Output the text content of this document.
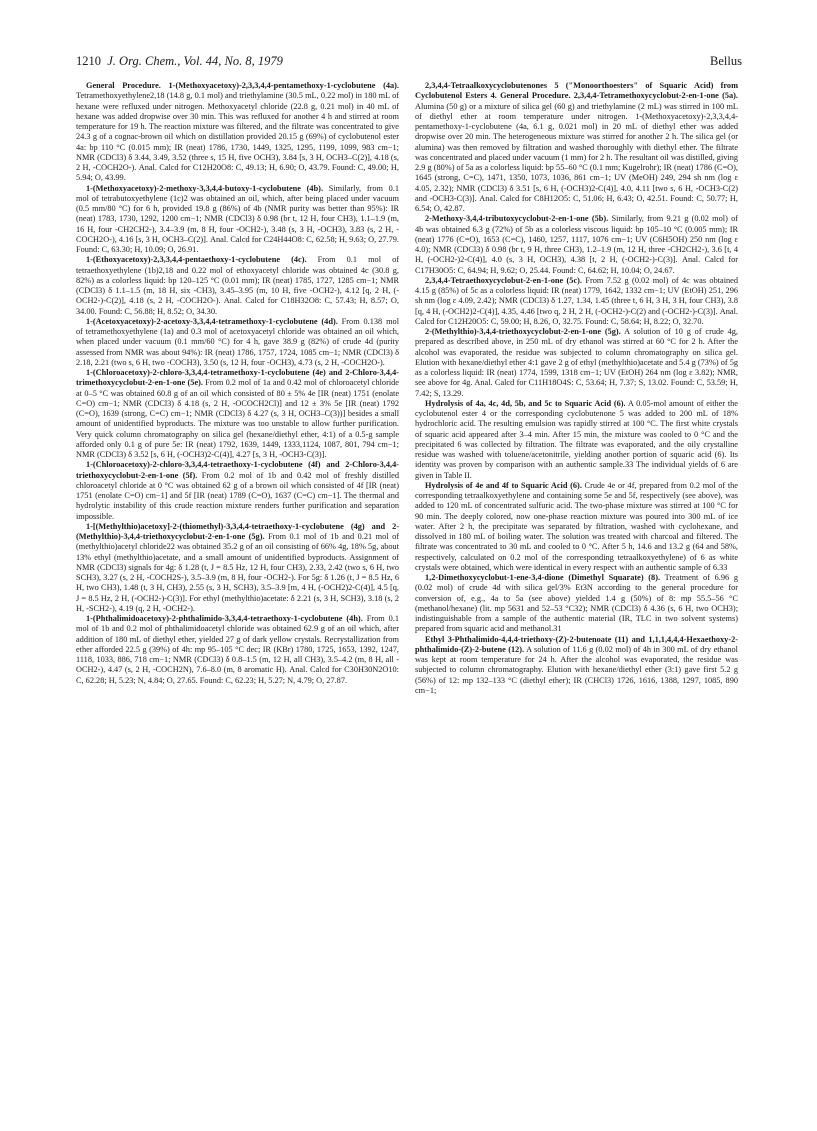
1210 J. Org. Chem., Vol. 44, No. 8, 1979	Bellus

General Procedure. 1-(Methoxyacetoxy)-2,3,3,4,4-pentamethoxy-1-cyclobutene (4a). Tetramethoxyethylene2,18 (14.8 g, 0.1 mol) and triethylamine (30.5 mL, 0.22 mol) in 180 mL of hexane were refluxed under nitrogen. Methoxyacetyl chloride (22.8 g, 0.21 mol) in 40 mL of hexane was added dropwise over 30 min. This was refluxed for another 4 h and stirred at room temperature for 19 h. The reaction mixture was filtered, and the filtrate was concentrated to give 24.3 g of a cognac-brown oil which on distillation provided 20.15 g (69%) of cyclobutenol ester 4a: bp 110 °C (0.015 mm); IR (neat) 1786, 1730, 1449, 1325, 1295, 1199, 1099, 983 cm−1; NMR (CDCl3) δ 3.44, 3.49, 3.52 (three s, 15 H, five OCH3), 3.84 [s, 3 H, OCH3–C(2)], 4.18 (s, 2 H, -COCH2O-). Anal. Calcd for C12H20O8: C, 49.13; H, 6.90; O, 43.79. Found: C, 49.00; H, 5.94; O, 43.99.

1-(Methoxyacetoxy)-2-methoxy-3,3,4,4-butoxy-1-cyclobutene (4b). Similarly, from 0.1 mol of tetrabutoxyethylene (1c)2 was obtained an oil, which, after being placed under vacuum (0.5 mm/80 °C) for 6 h, provided 19.8 g (86%) of 4b (NMR purity was better than 95%): IR (neat) 1783, 1730, 1292, 1200 cm−1; NMR (CDCl3) δ 0.98 (br t, 12 H, four CH3), 1.1–1.9 (m, 16 H, four -CH2CH2-), 3.4–3.9 (m, 8 H, four -OCH2-), 3.48 (s, 3 H, -OCH3), 3.83 (s, 2 H, -COCH2O-), 4.16 [s, 3 H, OCH3–C(2)]. Anal. Calcd for C24H44O8: C, 62.58; H, 9.63; O, 27.79. Found: C, 63.30; H, 10.09; O, 26.91.

1-(Ethoxyacetoxy)-2,3,3,4,4-pentaethoxy-1-cyclobutene (4c). From 0.1 mol of tetraethoxyethylene (1b)2,18 and 0.22 mol of ethoxyacetyl chloride was obtained 4c (30.8 g, 82%) as a colorless liquid: bp 120–125 °C (0.01 mm); IR (neat) 1785, 1727, 1285 cm−1; NMR (CDCl3) δ 1.1–1.5 (m, 18 H, six -CH3), 3.45–3.95 (m, 10 H, five -OCH2-), 4.12 [q, 2 H, (-OCH2-)-C(2)], 4.18 (s, 2 H, -COCH2O-). Anal. Calcd for C18H32O8: C, 57.43; H, 8.57; O, 34.00. Found: C, 56.88; H, 8.52; O, 34.30.

1-(Acetoxyacetoxy)-2-acetoxy-3,3,4,4-tetramethoxy-1-cyclobutene (4d). From 0.138 mol of tetramethoxyethylene (1a) and 0.3 mol of acetoxyacetyl chloride was obtained an oil which, when placed under vacuum (0.1 mm/60 °C) for 4 h, gave 38.9 g (82%) of crude 4d (purity assessed from NMR was about 94%): IR (neat) 1786, 1757, 1724, 1085 cm−1; NMR (CDCl3) δ 2.18, 2.21 (two s, 6 H, two -COCH3), 3.50 (s, 12 H, four -OCH3), 4.73 (s, 2 H, -COCH2O-).

1-(Chloroacetoxy)-2-chloro-3,3,4,4-tetramethoxy-1-cyclobutene (4e) and 2-Chloro-3,4,4-trimethoxycyclobut-2-en-1-one (5e). From 0.2 mol of 1a and 0.42 mol of chloroacetyl chloride at 0–5 °C was obtained 60.8 g of an oil which consisted of 80 ± 5% 4e [IR (neat) 1751 (enolate C=O) cm−1; NMR (CDCl3) δ 4.18 (s, 2 H, -OCOCH2Cl)] and 12 ± 3% 5e [IR (neat) 1792 (C=O), 1639 (strong, C=C) cm−1; NMR (CDCl3) δ 4.27 (s, 3 H, OCH3–C(3))] besides a small amount of unidentified byproducts. The mixture was too unstable to allow further purification. Very quick column chromatography on silica gel (hexane/diethyl ether, 4:1) of a 0.5-g sample afforded only 0.1 g of pure 5e: IR (neat) 1792, 1639, 1449, 1333,1124, 1087, 801, 794 cm−1; NMR (CDCl3) δ 3.52 [s, 6 H, (-OCH3)2-C(4)], 4.27 [s, 3 H, -OCH3-C(3)].

1-(Chloroacetoxy)-2-chloro-3,3,4,4-tetraethoxy-1-cyclobutene (4f) and 2-Chloro-3,4,4-triethoxycyclobut-2-en-1-one (5f). From 0.2 mol of 1b and 0.42 mol of freshly distilled chloroacetyl chloride at 0 °C was obtained 62 g of a brown oil which consisted of 4f [IR (neat) 1751 (enolate C=O) cm−1] and 5f [IR (neat) 1789 (C=O), 1637 (C=C) cm−1]. The thermal and hydrolytic instability of this crude reaction mixture renders further purification and separation impossible.

1-[(Methylthio)acetoxy]-2-(thiomethyl)-3,3,4,4-tetraethoxy-1-cyclobutene (4g) and 2-(Methylthio)-3,4,4-triethoxycyclobut-2-en-1-one (5g). From 0.1 mol of 1b and 0.21 mol of (methylthio)acetyl chloride22 was obtained 35.2 g of an oil consisting of 66% 4g, 18% 5g, about 13% ethyl (methylthio)acetate, and a small amount of unidentified byproducts. Assignment of NMR (CDCl3) signals for 4g: δ 1.28 (t, J = 8.5 Hz, 12 H, four CH3), 2.33, 2.42 (two s, 6 H, two SCH3), 3.27 (s, 2 H, -COCH2S-), 3.5–3.9 (m, 8 H, four -OCH2-). For 5g: δ 1.26 (t, J = 8.5 Hz, 6 H, two CH3), 1.48 (t, 3 H, CH3), 2.55 (s, 3 H, SCH3), 3.5–3.9 [m, 4 H, (-OCH2)2-C(4)], 4.5 [q, J = 8.5 Hz, 2 H, (-OCH2-)-C(3)]. For ethyl (methylthio)acetate: δ 2.21 (s, 3 H, SCH3), 3.18 (s, 2 H, -SCH2-), 4.19 (q, 2 H, -OCH2-).

1-(Phthalimidoacetoxy)-2-phthalimido-3,3,4,4-tetraethoxy-1-cyclobutene (4h). From 0.1 mol of 1b and 0.2 mol of phthalimidoacetyl chloride was obtained 62.9 g of an oil which, after addition of 180 mL of diethyl ether, yielded 27 g of dark yellow crystals. Recrystallization from ether afforded 22.5 g (39%) of 4h: mp 95–105 °C dec; IR (KBr) 1780, 1725, 1653, 1392, 1247, 1118, 1033, 886, 718 cm−1; NMR (CDCl3) δ 0.8–1.5 (m, 12 H, all CH3), 3.5–4.2 (m, 8 H, all -OCH2-), 4.47 (s, 2 H, -COCH2N), 7.6–8.0 (m, 8 aromatic H). Anal. Calcd for C30H30N2O10: C, 62.28; H, 5.23; N, 4.84; O, 27.65. Found: C, 62.23; H, 5.27; N, 4.79; O, 27.87.

2,3,4,4-Tetraalkoxycyclobutenones 5 ("Monoorthoesters" of Squaric Acid) from Cyclobutenol Esters 4. General Procedure. 2,3,4,4-Tetramethoxycyclobut-2-en-1-one (5a). Alumina (50 g) or a mixture of silica gel (60 g) and triethylamine (2 mL) was stirred in 100 mL of diethyl ether at room temperature under nitrogen. 1-(Methoxyacetoxy)-2,3,3,4,4-pentamethoxy-1-cyclobutene (4a, 6.1 g, 0.021 mol) in 20 mL of diethyl ether was added dropwise over 20 min. The heterogeneous mixture was stirred for another 2 h. The silica gel (or alumina) was then removed by filtration and washed thoroughly with diethyl ether. The filtrate was concentrated and placed under vacuum (1 mm) for 2 h. The resultant oil was distilled, giving 2.9 g (80%) of 5a as a colorless liquid: bp 55–60 °C (0.1 mm; Kugelrohr); IR (neat) 1786 (C=O), 1645 (strong, C=C), 1471, 1350, 1073, 1036, 861 cm−1; UV (MeOH) 249, 294 sh nm (log ε 4.05, 2.32); NMR (CDCl3) δ 3.51 [s, 6 H, (-OCH3)2-C(4)], 4.0, 4.11 [two s, 6 H, -OCH3-C(2) and -OCH3-C(3)]. Anal. Calcd for C8H12O5: C, 51.06; H, 6.43; O, 42.51. Found: C, 50.77; H, 6.54; O, 42.87.

2-Methoxy-3,4,4-tributoxycyclobut-2-en-1-one (5b). Similarly, from 9.21 g (0.02 mol) of 4b was obtained 6.3 g (72%) of 5b as a colorless viscous liquid: bp 105–10 °C (0.005 mm); IR (neat) 1776 (C=O), 1653 (C=C), 1460, 1257, 1117, 1076 cm−1; UV (C6H5OH) 250 nm (log ε 4.0); NMR (CDCl3) δ 0.98 (br t, 9 H, three CH3), 1.2–1.9 (m, 12 H, three -CH2CH2-), 3.6 [t, 4 H, (-OCH2-)2-C(4)], 4.0 (s, 3 H, OCH3), 4.38 [t, 2 H, (-OCH2-)-C(3)]. Anal. Calcd for C17H30O5: C, 64.94; H, 9.62; O, 25.44. Found: C, 64.62; H, 10.04; O, 24.67.

2,3,4,4-Tetraethoxycyclobut-2-en-1-one (5c). From 7.52 g (0.02 mol) of 4c was obtained 4.15 g (85%) of 5c as a colorless liquid: IR (neat) 1779, 1642, 1332 cm−1; UV (EtOH) 251, 296 sh nm (log ε 4.09, 2.42); NMR (CDCl3) δ 1.27, 1.34, 1.45 (three t, 6 H, 3 H, 3 H, four CH3), 3.8 [q, 4 H, (-OCH2)2-C(4)], 4.35, 4.46 [two q, 2 H, 2 H, (-OCH2-)-C(2) and (-OCH2-)-C(3)]. Anal. Calcd for C12H20O5: C, 59.00; H, 8.26, O, 32.75. Found: C, 58.64; H, 8.22; O, 32.70.

2-(Methylthio)-3,4,4-triethoxycyclobut-2-en-1-one (5g). A solution of 10 g of crude 4g, prepared as described above, in 250 mL of dry ethanol was stirred at 60 °C for 2 h. After the alcohol was evaporated, the residue was subjected to column chromatography on silica gel. Elution with hexane/diethyl ether 4:1 gave 2 g of ethyl (methylthio)acetate and 5.4 g (73%) of 5g as a colorless liquid: IR (neat) 1774, 1599, 1318 cm−1; UV (EtOH) 264 nm (log ε 3.82); NMR, see above for 4g. Anal. Calcd for C11H18O4S: C, 53.64; H, 7.37; S, 13.02. Found: C, 53.59; H, 7.42; S, 13.29.

Hydrolysis of 4a, 4c, 4d, 5b, and 5c to Squaric Acid (6). A 0.05-mol amount of either the cyclobutenol ester 4 or the corresponding cyclobutenone 5 was added to 200 mL of 18% hydrochloric acid. The resulting emulsion was rapidly stirred at 100 °C. The first white crystals of squaric acid appeared after 3–4 min. After 15 min, the mixture was cooled to 0 °C and the precipitated 6 was collected by filtration. The filtrate was evaporated, and the oily crystalline residue was washed with toluene/acetonitrile, yielding another portion of squaric acid (6). Its identity was proven by comparison with an authentic sample.33 The individual yields of 6 are given in Table II.

Hydrolysis of 4e and 4f to Squaric Acid (6). Crude 4e or 4f, prepared from 0.2 mol of the corresponding tetraalkoxyethylene and containing some 5e and 5f, respectively (see above), was added to 120 mL of concentrated sulfuric acid. The two-phase mixture was stirred at 100 °C for 90 min. The deeply colored, now one-phase reaction mixture was poured into 300 mL of ice water. After 2 h, the precipitate was separated by filtration, washed with cyclohexane, and dissolved in 180 mL of boiling water. The solution was treated with charcoal and filtered. The filtrate was concentrated to 30 mL and cooled to 0 °C. After 5 h, 14.6 and 13.2 g (64 and 58%, respectively, calculated on 0.2 mol of the corresponding tetraalkoxyethylene) of 6 as white crystals were obtained, which were identical in every respect with an authentic sample of 6.33

1,2-Dimethoxycyclobut-1-ene-3,4-dione (Dimethyl Squarate) (8). Treatment of 6.96 g (0.02 mol) of crude 4d with silica gel/3% Et3N according to the general procedure for conversion of, e.g., 4a to 5a (see above) yielded 1.4 g (50%) of 8: mp 55.5–56 °C (methanol/hexane) (lit. mp 5631 and 52–53 °C32); NMR (CDCl3) δ 4.36 (s, 6 H, two OCH3); indistinguishable from a sample of the authentic material (IR, TLC in two solvent systems) prepared from squaric acid and methanol.31

Ethyl 3-Phthalimido-4,4,4-triethoxy-(Z)-2-butenoate (11) and 1,1,1,4,4,4-Hexaethoxy-2-phthalimido-(Z)-2-butene (12). A solution of 11.6 g (0.02 mol) of 4h in 300 mL of dry ethanol was kept at room temperature for 24 h. After the alcohol was evaporated, the residue was subjected to column chromatography. Elution with hexane/diethyl ether (3:1) gave first 5.2 g (56%) of 12: mp 132–133 °C (diethyl ether); IR (CHCl3) 1726, 1616, 1388, 1297, 1085, 890 cm−1;
